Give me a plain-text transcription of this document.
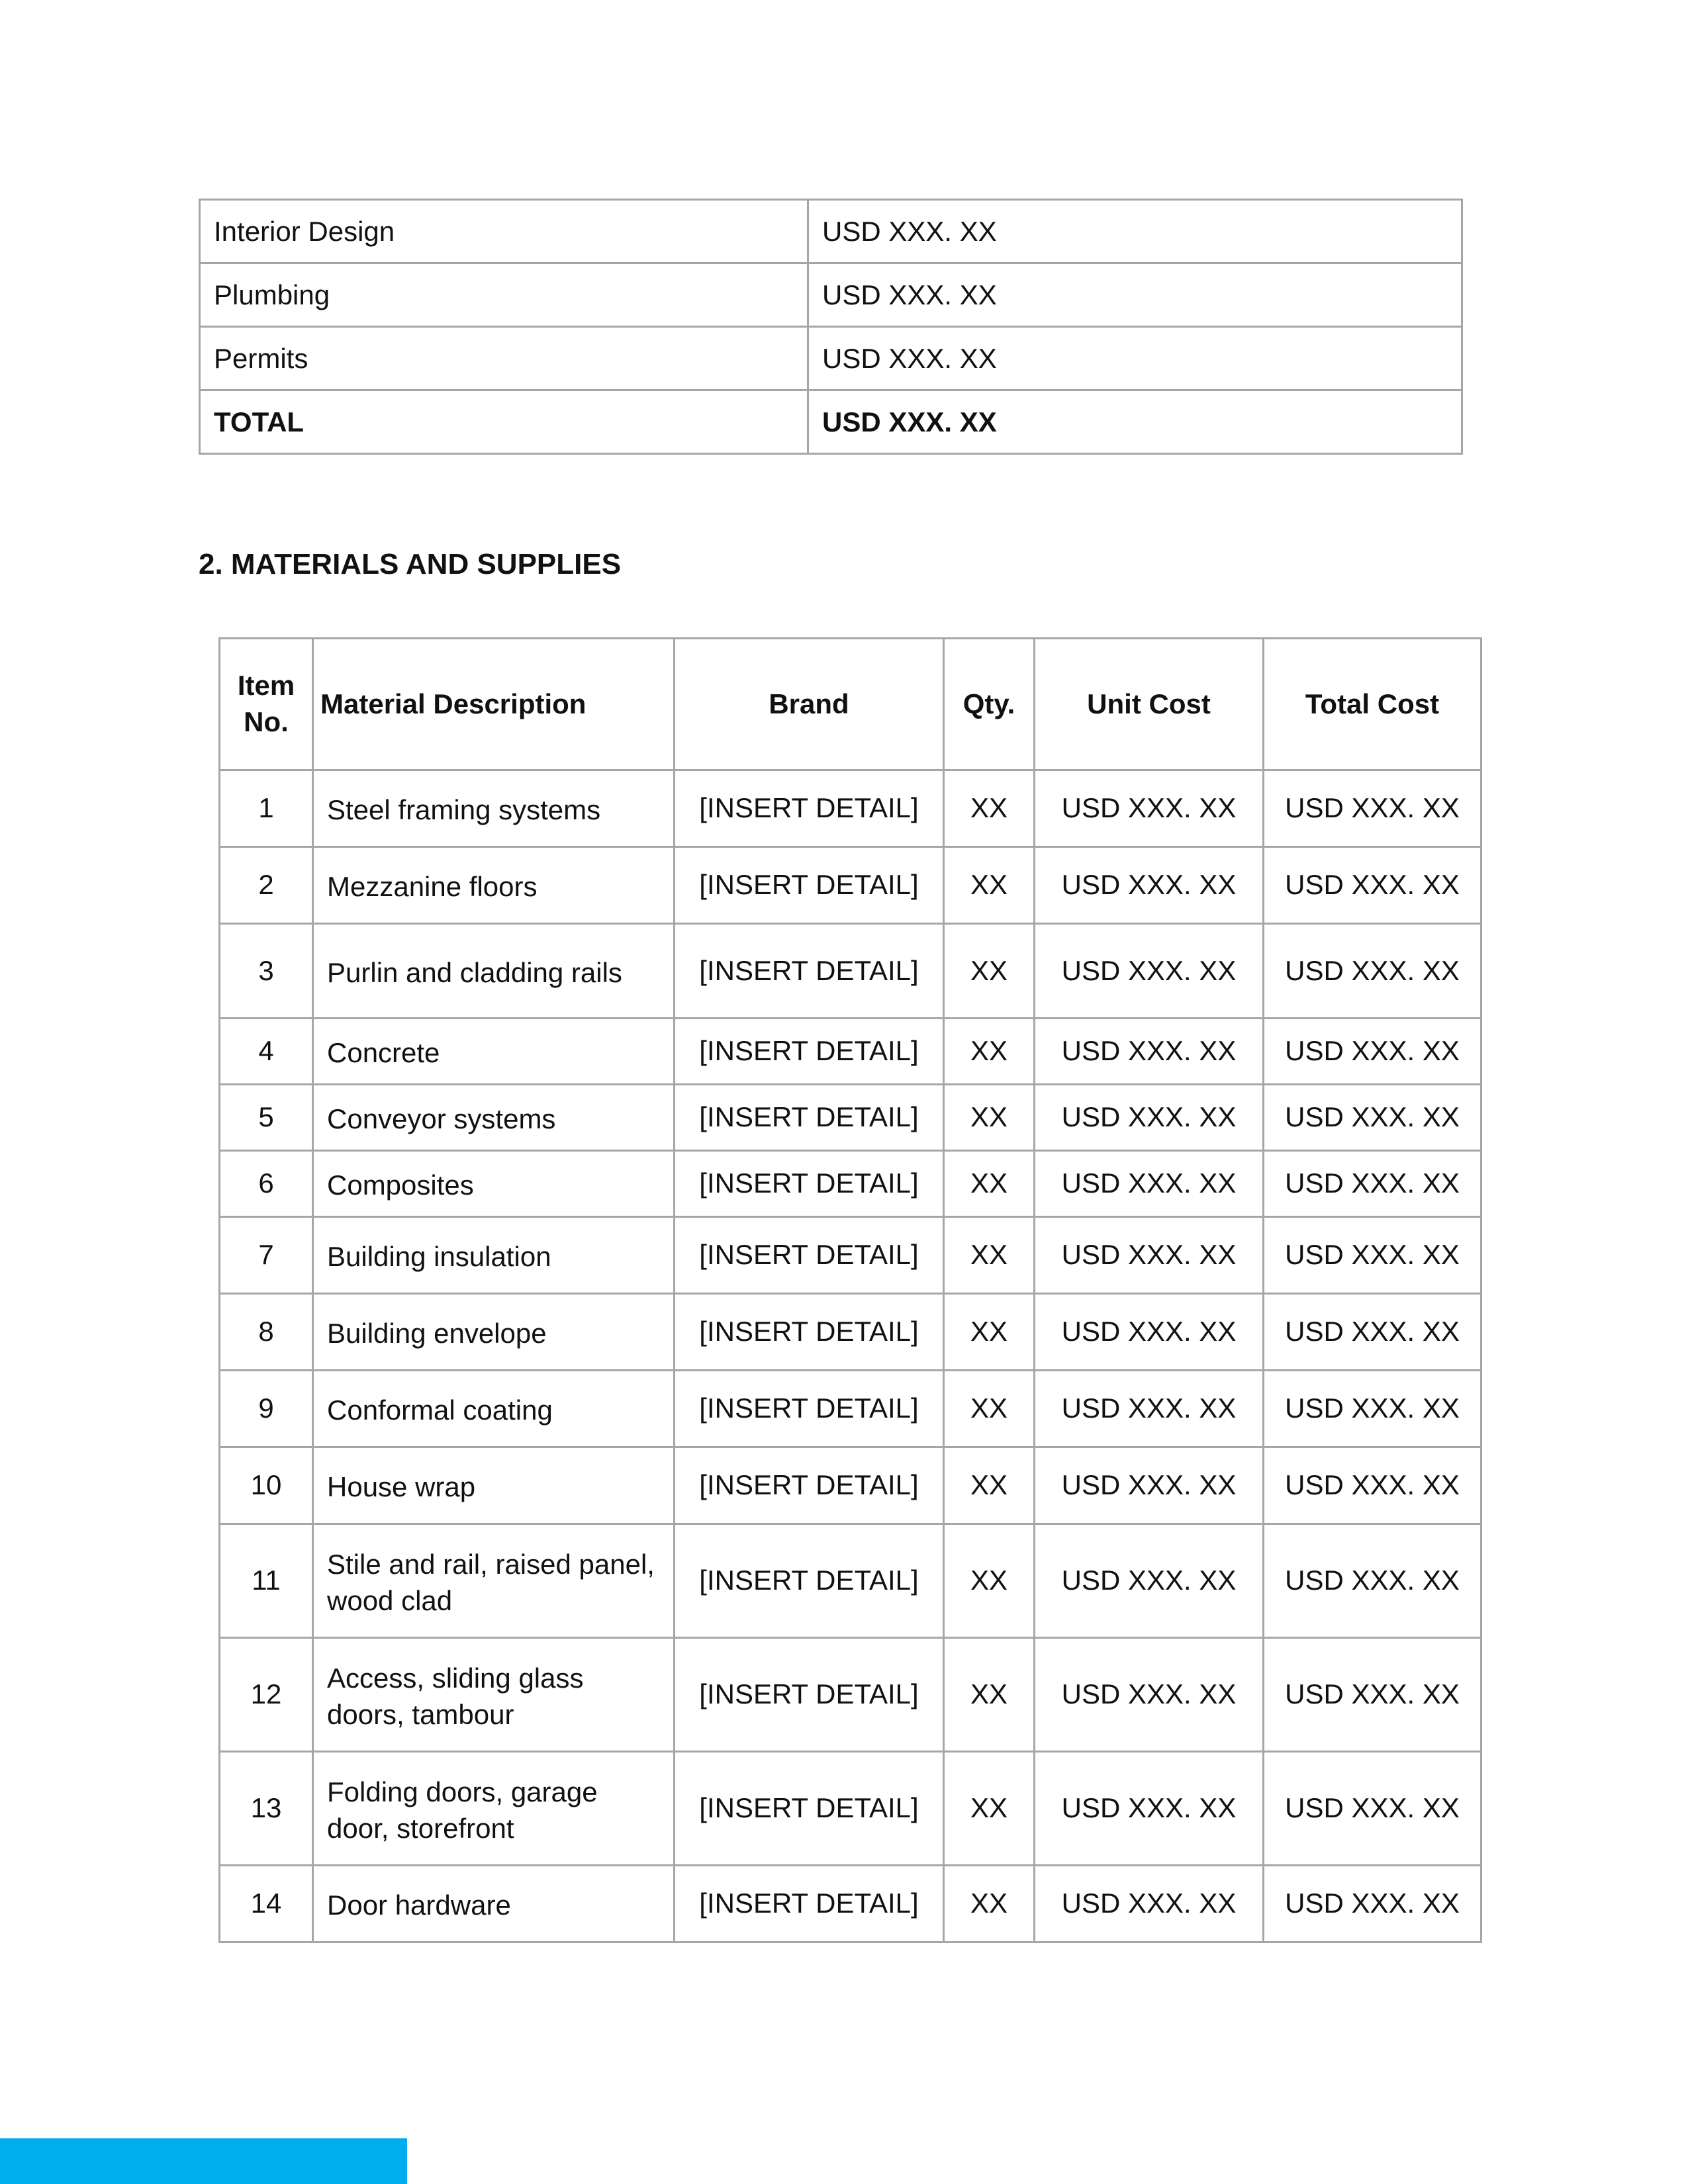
Interior Design	USD XXX. XX
Plumbing	USD XXX. XX
Permits	USD XXX. XX
TOTAL	USD XXX. XX
2. MATERIALS AND SUPPLIES
Item No.	Material Description	Brand	Qty.	Unit Cost	Total Cost
1	Steel framing systems	[INSERT DETAIL]	XX	USD XXX. XX	USD XXX. XX
2	Mezzanine floors	[INSERT DETAIL]	XX	USD XXX. XX	USD XXX. XX
3	Purlin and cladding rails	[INSERT DETAIL]	XX	USD XXX. XX	USD XXX. XX
4	Concrete	[INSERT DETAIL]	XX	USD XXX. XX	USD XXX. XX
5	Conveyor systems	[INSERT DETAIL]	XX	USD XXX. XX	USD XXX. XX
6	Composites	[INSERT DETAIL]	XX	USD XXX. XX	USD XXX. XX
7	Building insulation	[INSERT DETAIL]	XX	USD XXX. XX	USD XXX. XX
8	Building envelope	[INSERT DETAIL]	XX	USD XXX. XX	USD XXX. XX
9	Conformal coating	[INSERT DETAIL]	XX	USD XXX. XX	USD XXX. XX
10	House wrap	[INSERT DETAIL]	XX	USD XXX. XX	USD XXX. XX
11	Stile and rail, raised panel, wood clad	[INSERT DETAIL]	XX	USD XXX. XX	USD XXX. XX
12	Access, sliding glass doors, tambour	[INSERT DETAIL]	XX	USD XXX. XX	USD XXX. XX
13	Folding doors, garage door, storefront	[INSERT DETAIL]	XX	USD XXX. XX	USD XXX. XX
14	Door hardware	[INSERT DETAIL]	XX	USD XXX. XX	USD XXX. XX
